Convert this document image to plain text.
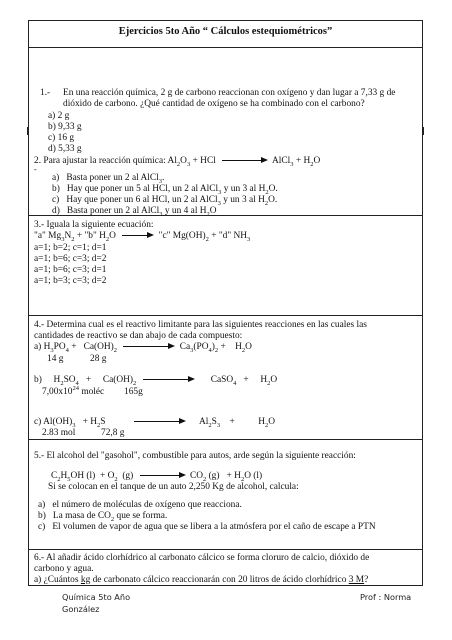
Ejercicios 5to Año “ Cálculos estequiométricos”
1.- En una reacción química, 2 g de carbono reaccionan con oxígeno y dan lugar a 7,33 g de
dióxido de carbono. ¿Qué cantidad de oxígeno se ha combinado con el carbono?
a) 2 g
b) 9,33 g
c) 16 g
d) 5,33 g
2. Para ajustar la reacción química: $Al_2O_3$ + HCl	AlCl$_3$ + $H_2O$
-
a)   Basta poner un 2 al AlCl$_3$.
b)   Hay que poner un 5 al HCl, un 2 al AlCl$_3$ y un 3 al $H_2O$.
c)   Hay que poner un 6 al HCl, un 2 al AlCl$_3$ y un 3 al $H_2O$.
d)   Basta poner un 2 al AlCl$_3$ y un 4 al $H_2O$
3.- Iguala la siguiente ecuación:
"a" $Mg_3N_2$ + "b" $H_2O$ → "c" $Mg(OH)_2$ + "d" $NH_3$
a=1; b=2; c=1; d=1
a=1; b=6; c=3; d=2
a=1; b=6; c=3; d=1
a=1; b=3; c=3; d=2
4.- Determina cual es el reactivo limitante para las siguientes reacciones en las cuales las
cantidades de reactivo se dan abajo de cada compuesto:
a) $H_3PO_4 + Ca(OH)_2$	$Ca_3(PO_4)_2$ +    $H_2O$
14 g	28 g
b)     $H_2SO_4$   +     $Ca(OH)_2$	CaSO$_4$   +     $H_2O$
$7,00x10^{24}$ moléc 165g
c) $Al(OH)_3 + H_2S$	$Al_2S_3$    +          $H_2O$
2.83 mol	72,8 g
5.- El alcohol del "gasohol", combustible para autos, arde según la siguiente reacción:
$C_2H_5OH$ $(l) + O_2$  (g)	$CO_2$ $(g) + H_2O$ (l)
Si se colocan en el tanque de un auto 2,250 Kg de alcohol, calcula:
a) el número de moléculas de oxígeno que reacciona.
b)   La masa de $CO_2$ que se forma.
c) El volumen de vapor de agua que se libera a la atmósfera por el caño de escape a PTN
6.- Al añadir ácido clorhídrico al carbonato cálcico se forma cloruro de calcio, dióxido de
carbono y agua.
a) ¿Cuántos kg de carbonato cálcico reaccionarán con 20 litros de ácido clorhídrico 3 M?
Química 5to Año
González
Prof : Norma
